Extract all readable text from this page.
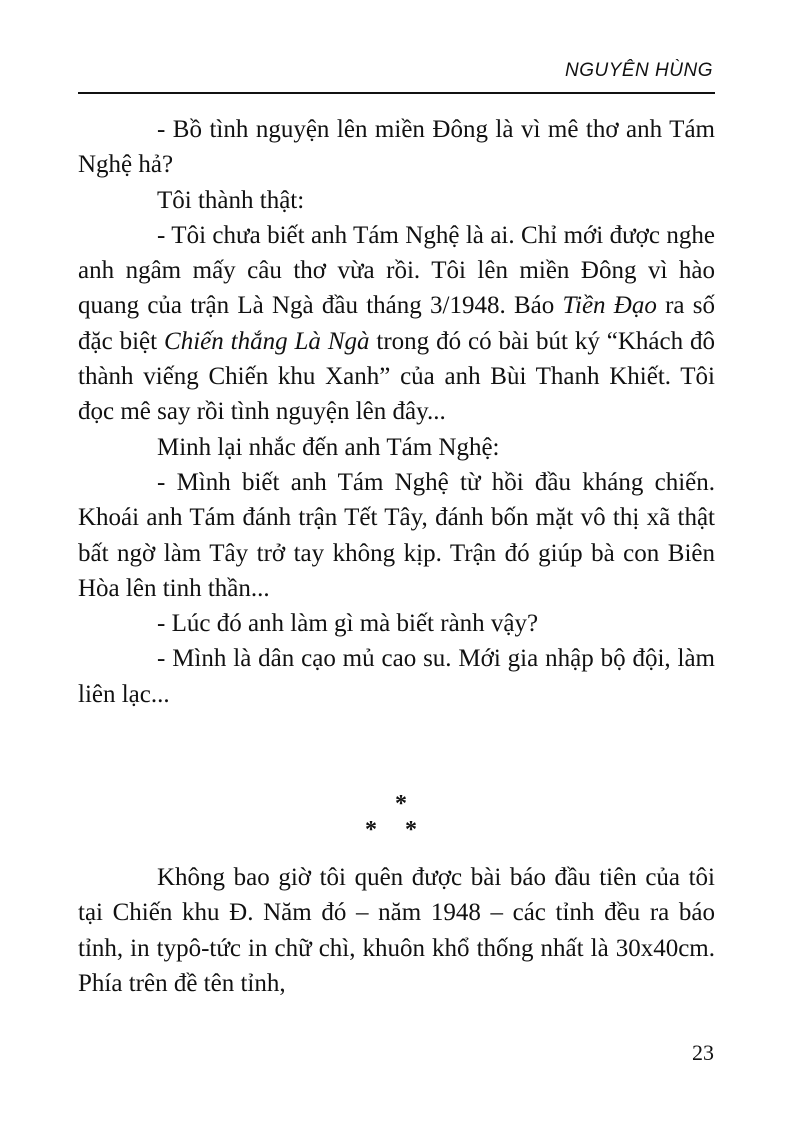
NGUYÊN HÙNG

- Bồ tình nguyện lên miền Đông là vì mê thơ anh Tám Nghệ hả?

Tôi thành thật:

- Tôi chưa biết anh Tám Nghệ là ai. Chỉ mới được nghe anh ngâm mấy câu thơ vừa rồi. Tôi lên miền Đông vì hào quang của trận Là Ngà đầu tháng 3/1948. Báo Tiền Đạo ra số đặc biệt Chiến thắng Là Ngà trong đó có bài bút ký “Khách đô thành viếng Chiến khu Xanh” của anh Bùi Thanh Khiết. Tôi đọc mê say rồi tình nguyện lên đây...

Minh lại nhắc đến anh Tám Nghệ:

- Mình biết anh Tám Nghệ từ hồi đầu kháng chiến. Khoái anh Tám đánh trận Tết Tây, đánh bốn mặt vô thị xã thật bất ngờ làm Tây trở tay không kịp. Trận đó giúp bà con Biên Hòa lên tinh thần...

- Lúc đó anh làm gì mà biết rành vậy?

- Mình là dân cạo mủ cao su. Mới gia nhập bộ đội, làm liên lạc...

*
* *

Không bao giờ tôi quên được bài báo đầu tiên của tôi tại Chiến khu Đ. Năm đó – năm 1948 – các tỉnh đều ra báo tỉnh, in typô-tức in chữ chì, khuôn khổ thống nhất là 30x40cm. Phía trên đề tên tỉnh,

23
